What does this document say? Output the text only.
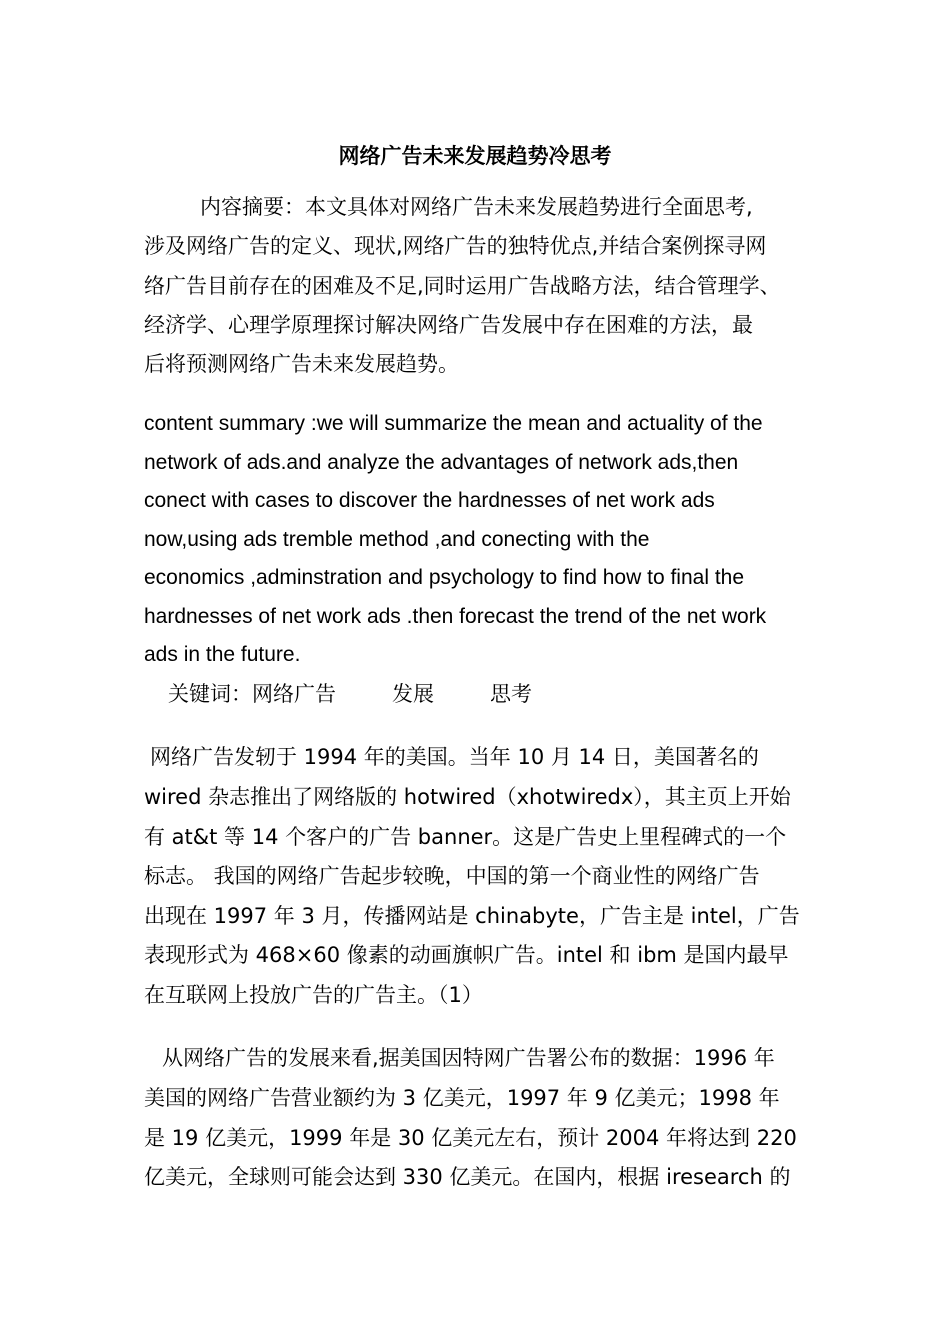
网络广告未来发展趋势冷思考
内容摘要：本文具体对网络广告未来发展趋势进行全面思考,
涉及网络广告的定义、现状,网络广告的独特优点,并结合案例探寻网
络广告目前存在的困难及不足,同时运用广告战略方法，结合管理学、
经济学、心理学原理探讨解决网络广告发展中存在困难的方法，最
后将预测网络广告未来发展趋势。
content summary :we will summarize the mean and actuality of the
network of ads.and analyze the advantages of network ads,then
conect with cases to discover the hardnesses of net work ads
now,using ads tremble method ,and conecting with the
economics ,adminstration and psychology to find how to final the
hardnesses of net work ads .then forecast the trend of the net work
ads in the future.
关键词：网络广告	发展	思考
网络广告发轫于 1994 年的美国。当年 10 月 14 日，美国著名的
wired 杂志推出了网络版的 hotwired（xhotwiredx），其主页上开始
有 at&t 等 14 个客户的广告 banner。这是广告史上里程碑式的一个
标志。 我国的网络广告起步较晚，中国的第一个商业性的网络广告
出现在 1997 年 3 月，传播网站是 chinabyte，广告主是 intel，广告
表现形式为 468×60 像素的动画旗帜广告。intel 和 ibm 是国内最早
在互联网上投放广告的广告主。（1）
从网络广告的发展来看,据美国因特网广告署公布的数据：1996 年
美国的网络广告营业额约为 3 亿美元，1997 年 9 亿美元；1998 年
是 19 亿美元，1999 年是 30 亿美元左右，预计 2004 年将达到 220
亿美元，全球则可能会达到 330 亿美元。在国内，根据 iresearch 的
